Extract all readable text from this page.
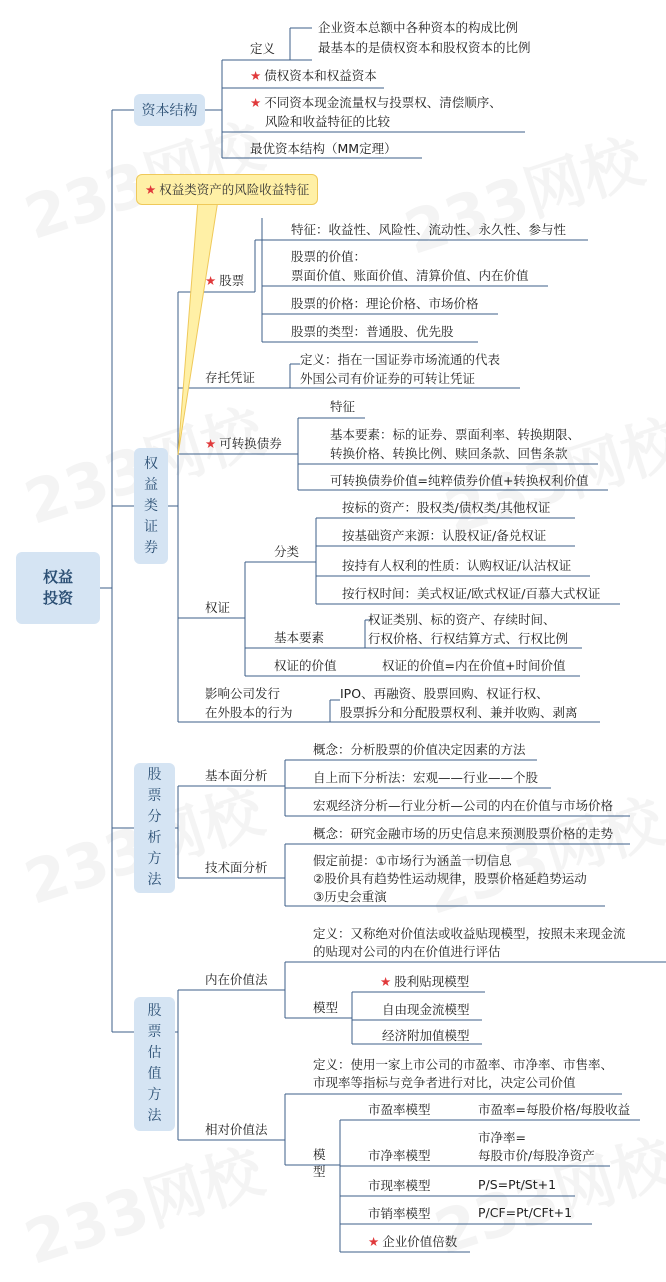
权益投资
★ 权益类资产的风险收益特征
资本结构
定义
企业资本总额中各种资本的构成比例
最基本的是债权资本和股权资本的比例
★ 债权资本和权益资本
★ 不同资本现金流量权与投票权、清偿顺序、
风险和收益特征的比较
最优资本结构（MM定理）
权益类证券
★ 股票
特征：收益性、风险性、流动性、永久性、参与性
股票的价值：
票面价值、账面价值、清算价值、内在价值
股票的价格：理论价格、市场价格
股票的类型：普通股、优先股
存托凭证
定义：指在一国证券市场流通的代表
外国公司有价证券的可转让凭证
★ 可转换债券
特征
基本要素：标的证券、票面利率、转换期限、
转换价格、转换比例、赎回条款、回售条款
可转换债券价值=纯粹债券价值+转换权利价值
权证
分类
按标的资产：股权类/债权类/其他权证
按基础资产来源：认股权证/备兑权证
按持有人权利的性质：认购权证/认沽权证
按行权时间：美式权证/欧式权证/百慕大式权证
基本要素
权证类别、标的资产、存续时间、
行权价格、行权结算方式、行权比例
权证的价值	权证的价值=内在价值+时间价值
影响公司发行
在外股本的行为
IPO、再融资、股票回购、权证行权、
股票拆分和分配股票权利、兼并收购、剥离
股票分析方法
基本面分析
概念：分析股票的价值决定因素的方法
自上而下分析法：宏观——行业——个股
宏观经济分析—行业分析—公司的内在价值与市场价格
技术面分析
概念：研究金融市场的历史信息来预测股票价格的走势
假定前提：①市场行为涵盖一切信息
②股价具有趋势性运动规律，股票价格延趋势运动
③历史会重演
股票估值方法
内在价值法
定义：又称绝对价值法或收益贴现模型，按照未来现金流
的贴现对公司的内在价值进行评估
模型
★ 股利贴现模型
自由现金流模型
经济附加值模型
相对价值法
定义：使用一家上市公司的市盈率、市净率、市售率、
市现率等指标与竞争者进行对比，决定公司价值
模型
市盈率模型	市盈率=每股价格/每股收益
市净率模型
市净率=
每股市价/每股净资产
市现率模型	P/S=Pt/St+1
市销率模型	P/CF=Pt/CFt+1
★ 企业价值倍数
